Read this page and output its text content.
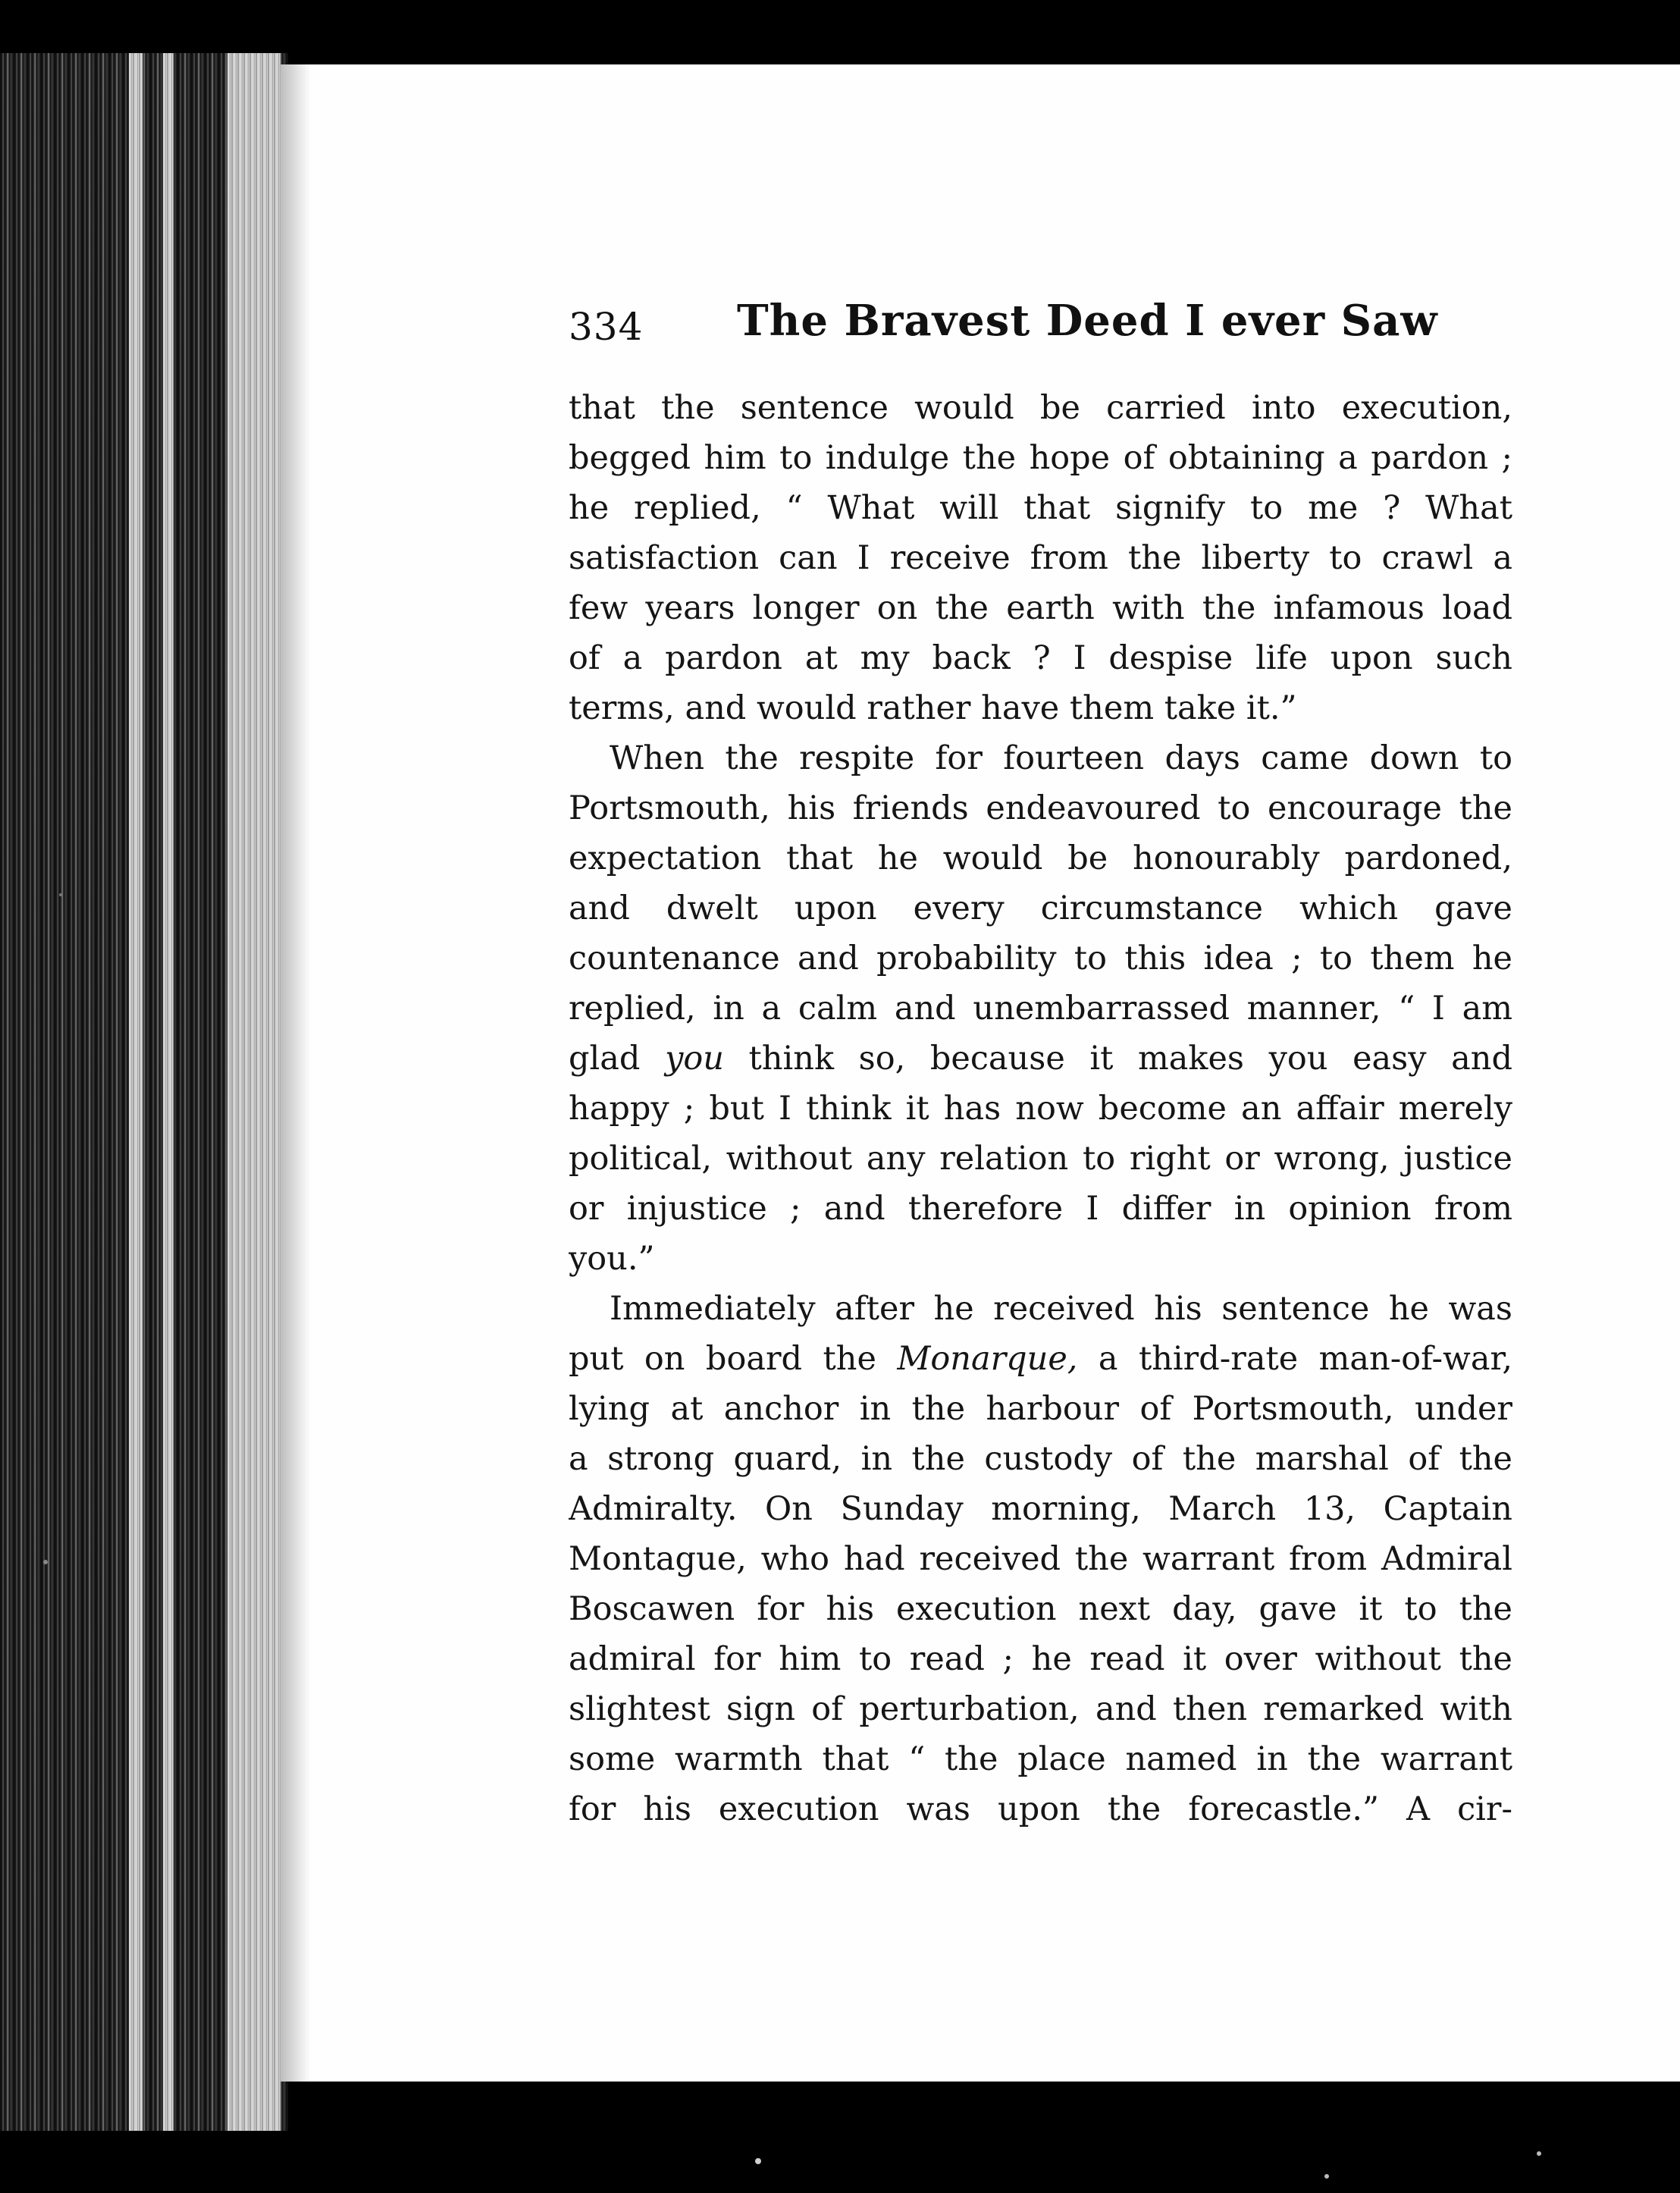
334 The Bravest Deed I ever Saw
that the sentence would be carried into execution,
begged him to indulge the hope of obtaining a pardon ;
he replied, “ What will that signify to me ? What
satisfaction can I receive from the liberty to crawl a
few years longer on the earth with the infamous load
of a pardon at my back ? I despise life upon such
terms, and would rather have them take it.”
When the respite for fourteen days came down to
Portsmouth, his friends endeavoured to encourage the
expectation that he would be honourably pardoned,
and dwelt upon every circumstance which gave
countenance and probability to this idea ; to them he
replied, in a calm and unembarrassed manner, “ I am
glad you think so, because it makes you easy and
happy ; but I think it has now become an affair merely
political, without any relation to right or wrong, justice
or injustice ; and therefore I differ in opinion from
you.”
Immediately after he received his sentence he was
put on board the Monarque, a third-rate man-of-war,
lying at anchor in the harbour of Portsmouth, under
a strong guard, in the custody of the marshal of the
Admiralty. On Sunday morning, March 13, Captain
Montague, who had received the warrant from Admiral
Boscawen for his execution next day, gave it to the
admiral for him to read ; he read it over without the
slightest sign of perturbation, and then remarked with
some warmth that “ the place named in the warrant
for his execution was upon the forecastle.” A cir-
